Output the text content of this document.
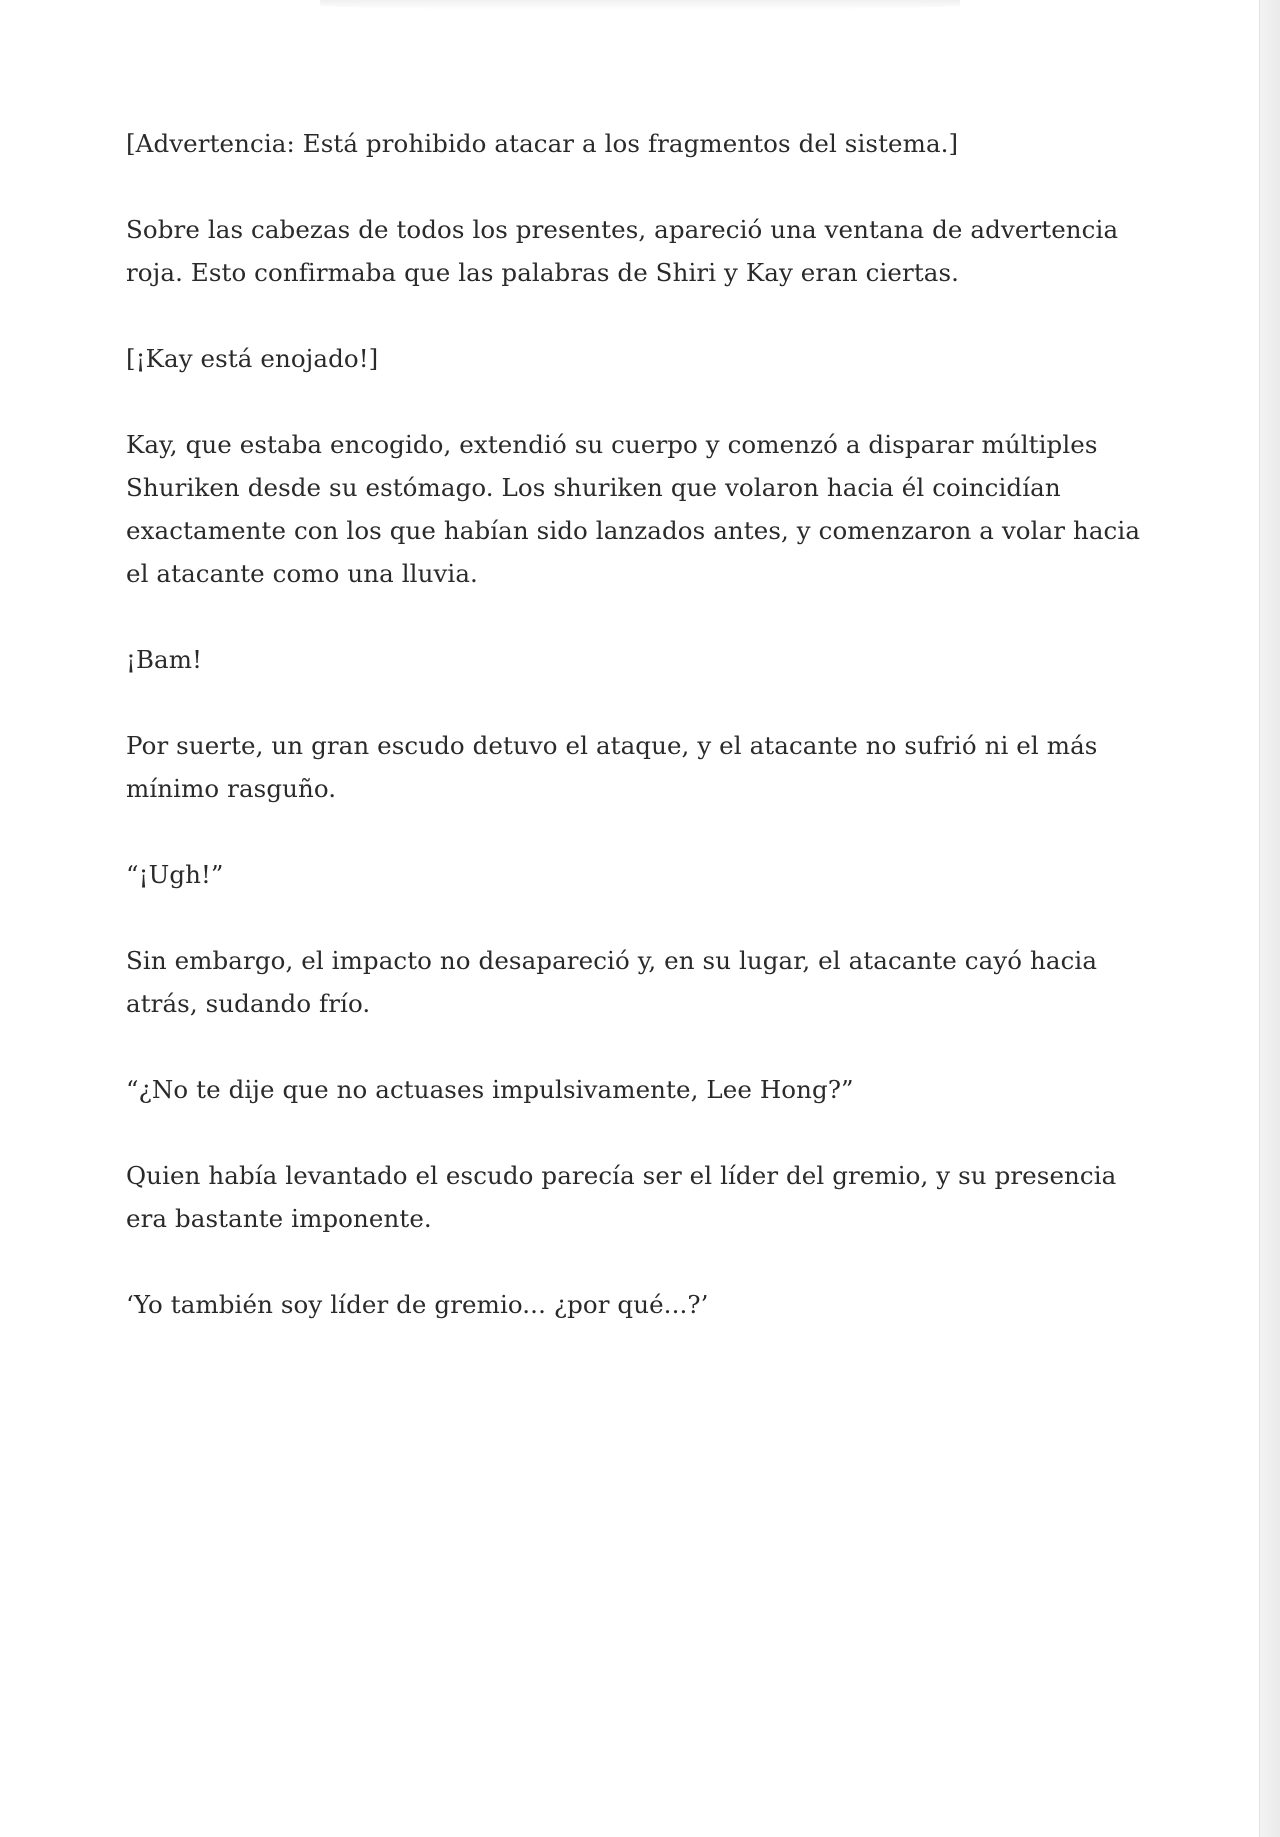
[Advertencia: Está prohibido atacar a los fragmentos del sistema.]

Sobre las cabezas de todos los presentes, apareció una ventana de advertencia roja. Esto confirmaba que las palabras de Shiri y Kay eran ciertas.

[¡Kay está enojado!]

Kay, que estaba encogido, extendió su cuerpo y comenzó a disparar múltiples Shuriken desde su estómago. Los shuriken que volaron hacia él coincidían exactamente con los que habían sido lanzados antes, y comenzaron a volar hacia el atacante como una lluvia.

¡Bam!

Por suerte, un gran escudo detuvo el ataque, y el atacante no sufrió ni el más mínimo rasguño.

“¡Ugh!”

Sin embargo, el impacto no desapareció y, en su lugar, el atacante cayó hacia atrás, sudando frío.

“¿No te dije que no actuases impulsivamente, Lee Hong?”

Quien había levantado el escudo parecía ser el líder del gremio, y su presencia era bastante imponente.

‘Yo también soy líder de gremio... ¿por qué...?’
